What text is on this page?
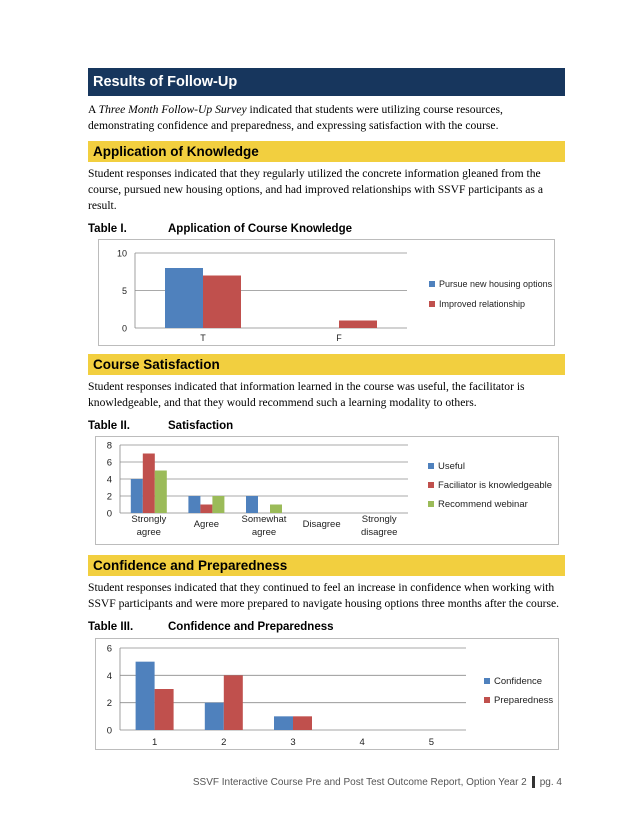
Results of Follow-Up

A Three Month Follow-Up Survey indicated that students were utilizing course resources, demonstrating confidence and preparedness, and expressing satisfaction with the course.

Application of Knowledge

Student responses indicated that they regularly utilized the concrete information gleaned from the course, pursued new housing options, and had improved relationships with SSVF participants as a result.

Table I.	Application of Course Knowledge
0
5
10
T	F
Pursue new housing options
Improved relationship
Course Satisfaction

Student responses indicated that information learned in the course was useful, the facilitator is knowledgeable, and that they would recommend such a learning modality to others.

Table II.	Satisfaction
0
2
4
6
8
Strongly agree
Agree Somewhat agree
Disagree Strongly disagree
Useful
Faciliator is knowledgeable
Recommend webinar
Confidence and Preparedness

Student responses indicated that they continued to feel an increase in confidence when working with SSVF participants and were more prepared to navigate housing options three months after the course.

Table III.	Confidence and Preparedness
0
2
4
6
1	2	3	4	5
Confidence
Preparedness
SSVF Interactive Course Pre and Post Test Outcome Report, Option Year 2 pg. 4
